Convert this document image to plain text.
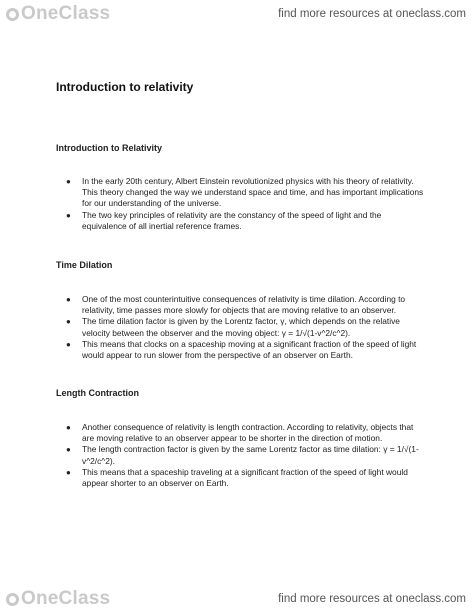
OneClass	find more resources at oneclass.com
Introduction to relativity
Introduction to Relativity
● In the early 20th century, Albert Einstein revolutionized physics with his theory of relativity. This theory changed the way we understand space and time, and has important implications for our understanding of the universe.
● The two key principles of relativity are the constancy of the speed of light and the equivalence of all inertial reference frames.
Time Dilation
● One of the most counterintuitive consequences of relativity is time dilation. According to relativity, time passes more slowly for objects that are moving relative to an observer.
● The time dilation factor is given by the Lorentz factor, γ, which depends on the relative velocity between the observer and the moving object: γ = 1/√(1-v^2/c^2).
● This means that clocks on a spaceship moving at a significant fraction of the speed of light would appear to run slower from the perspective of an observer on Earth.
Length Contraction
● Another consequence of relativity is length contraction. According to relativity, objects that are moving relative to an observer appear to be shorter in the direction of motion.
● The length contraction factor is given by the same Lorentz factor as time dilation: γ = 1/√(1-v^2/c^2).
● This means that a spaceship traveling at a significant fraction of the speed of light would appear shorter to an observer on Earth.
OneClass	find more resources at oneclass.com
